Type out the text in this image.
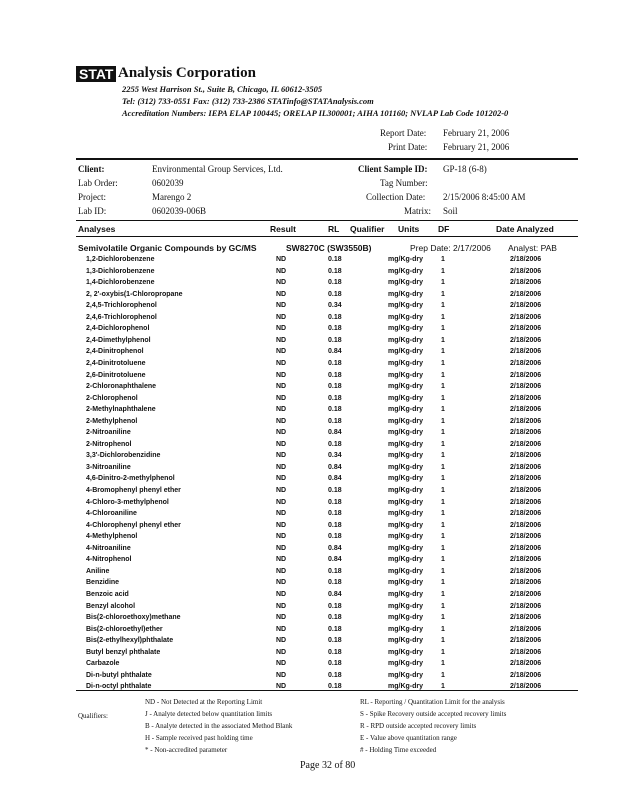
STAT Analysis Corporation
2255 West Harrison St., Suite B, Chicago, IL 60612-3505
Tel: (312) 733-0551 Fax: (312) 733-2386 STATinfo@STATAnalysis.com
Accreditation Numbers: IEPA ELAP 100445; ORELAP IL300001; AIHA 101160; NVLAP Lab Code 101202-0
Report Date: February 21, 2006
Print Date: February 21, 2006
Client:	Environmental Group Services, Ltd.
Lab Order:	0602039
Project:	Marengo 2
Lab ID:	0602039-006B
Client Sample ID: GP-18 (6-8)
Tag Number:
Collection Date: 2/15/2006 8:45:00 AM
Matrix: Soil
Analyses	Result	RL Qualifier Units DF	Date Analyzed
Semivolatile Organic Compounds by GC/MS	SW8270C (SW3550B)	Prep Date: 2/17/2006 Analyst: PAB
1,2-Dichlorobenzene	ND	0.18	mg/Kg-dry	1	2/18/2006
1,3-Dichlorobenzene	ND	0.18	mg/Kg-dry	1	2/18/2006
1,4-Dichlorobenzene	ND	0.18	mg/Kg-dry	1	2/18/2006
2, 2'-oxybis(1-Chloropropane	ND	0.18	mg/Kg-dry	1	2/18/2006
2,4,5-Trichlorophenol	ND	0.34	mg/Kg-dry	1	2/18/2006
2,4,6-Trichlorophenol	ND	0.18	mg/Kg-dry	1	2/18/2006
2,4-Dichlorophenol	ND	0.18	mg/Kg-dry	1	2/18/2006
2,4-Dimethylphenol	ND	0.18	mg/Kg-dry	1	2/18/2006
2,4-Dinitrophenol	ND	0.84	mg/Kg-dry	1	2/18/2006
2,4-Dinitrotoluene	ND	0.18	mg/Kg-dry	1	2/18/2006
2,6-Dinitrotoluene	ND	0.18	mg/Kg-dry	1	2/18/2006
2-Chloronaphthalene	ND	0.18	mg/Kg-dry	1	2/18/2006
2-Chlorophenol	ND	0.18	mg/Kg-dry	1	2/18/2006
2-Methylnaphthalene	ND	0.18	mg/Kg-dry	1	2/18/2006
2-Methylphenol	ND	0.18	mg/Kg-dry	1	2/18/2006
2-Nitroaniline	ND	0.84	mg/Kg-dry	1	2/18/2006
2-Nitrophenol	ND	0.18	mg/Kg-dry	1	2/18/2006
3,3'-Dichlorobenzidine	ND	0.34	mg/Kg-dry	1	2/18/2006
3-Nitroaniline	ND	0.84	mg/Kg-dry	1	2/18/2006
4,6-Dinitro-2-methylphenol	ND	0.84	mg/Kg-dry	1	2/18/2006
4-Bromophenyl phenyl ether	ND	0.18	mg/Kg-dry	1	2/18/2006
4-Chloro-3-methylphenol	ND	0.18	mg/Kg-dry	1	2/18/2006
4-Chloroaniline	ND	0.18	mg/Kg-dry	1	2/18/2006
4-Chlorophenyl phenyl ether	ND	0.18	mg/Kg-dry	1	2/18/2006
4-Methylphenol	ND	0.18	mg/Kg-dry	1	2/18/2006
4-Nitroaniline	ND	0.84	mg/Kg-dry	1	2/18/2006
4-Nitrophenol	ND	0.84	mg/Kg-dry	1	2/18/2006
Aniline	ND	0.18	mg/Kg-dry	1	2/18/2006
Benzidine	ND	0.18	mg/Kg-dry	1	2/18/2006
Benzoic acid	ND	0.84	mg/Kg-dry	1	2/18/2006
Benzyl alcohol	ND	0.18	mg/Kg-dry	1	2/18/2006
Bis(2-chloroethoxy)methane	ND	0.18	mg/Kg-dry	1	2/18/2006
Bis(2-chloroethyl)ether	ND	0.18	mg/Kg-dry	1	2/18/2006
Bis(2-ethylhexyl)phthalate	ND	0.18	mg/Kg-dry	1	2/18/2006
Butyl benzyl phthalate	ND	0.18	mg/Kg-dry	1	2/18/2006
Carbazole	ND	0.18	mg/Kg-dry	1	2/18/2006
Di-n-butyl phthalate	ND	0.18	mg/Kg-dry	1	2/18/2006
Di-n-octyl phthalate	ND	0.18	mg/Kg-dry	1	2/18/2006
Qualifiers:
ND - Not Detected at the Reporting Limit
J - Analyte detected below quantitation limits
B - Analyte detected in the associated Method Blank
H - Sample received past holding time
* - Non-accredited parameter
RL - Reporting / Quantitation Limit for the analysis
S - Spike Recovery outside accepted recovery limits
R - RPD outside accepted recovery limits
E - Value above quantitation range
# - Holding Time exceeded
Page 32 of 80
